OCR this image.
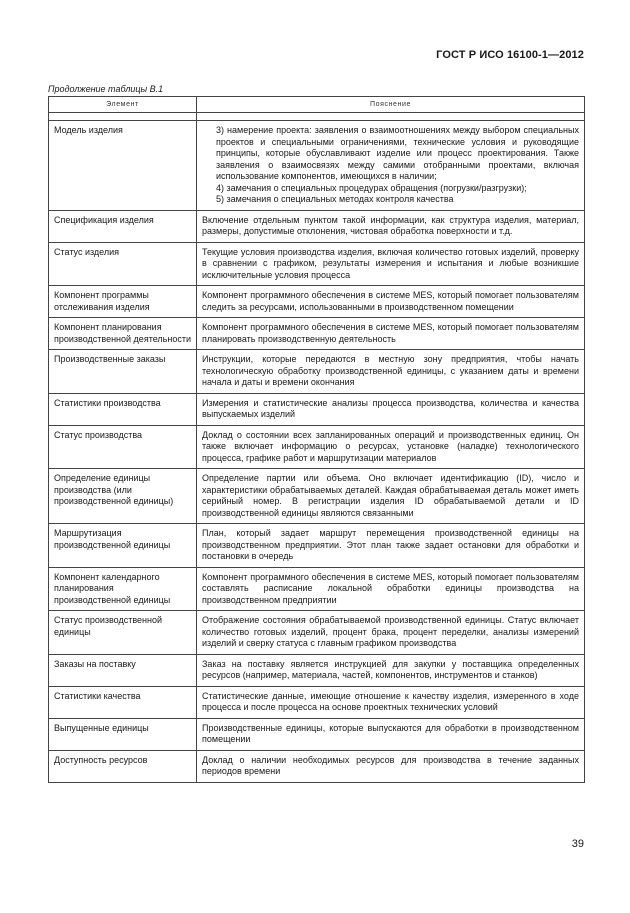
ГОСТ Р ИСО 16100-1—2012
Продолжение таблицы B.1
Элемент	Пояснение

Модель изделия	3) намерение проекта: заявления о взаимоотношениях между выбором специальных проектов и специальными ограничениями, технические условия и руководящие принципы, которые обуславливают изделие или процесс проектирования. Также заявления о взаимосвязях между самими отобранными проектами, включая использование компонентов, имеющихся в наличии;
4) замечания о специальных процедурах обращения (погрузки/разгрузки);
5) замечания о специальных методах контроля качества

Спецификация изделия	Включение отдельным пунктом такой информации, как структура изделия, материал, размеры, допустимые отклонения, чистовая обработка поверхности и т.д.
Статус изделия	Текущие условия производства изделия, включая количество готовых изделий, проверку в сравнении с графиком, результаты измерения и испытания и любые возникшие исключительные условия процесса
Компонент программы отслеживания изделия	Компонент программного обеспечения в системе MES, который помогает пользователям следить за ресурсами, использованными в производственном помещении
Компонент планирования производственной деятельности	Компонент программного обеспечения в системе MES, который помогает пользователям планировать производственную деятельность
Производственные заказы	Инструкции, которые передаются в местную зону предприятия, чтобы начать технологическую обработку производственной единицы, с указанием даты и времени начала и даты и времени окончания
Статистики производства	Измерения и статистические анализы процесса производства, количества и качества выпускаемых изделий
Статус производства	Доклад о состоянии всех запланированных операций и производственных единиц. Он также включает информацию о ресурсах, установке (наладке) технологического процесса, графике работ и маршрутизации материалов
Определение единицы производства (или производственной единицы)	Определение партии или объема. Оно включает идентификацию (ID), число и характеристики обрабатываемых деталей. Каждая обрабатываемая деталь может иметь серийный номер. В регистрации изделия ID обрабатываемой детали и ID производственной единицы являются связанными
Маршрутизация производственной единицы	План, который задает маршрут перемещения производственной единицы на производственном предприятии. Этот план также задает остановки для обработки и постановки в очередь
Компонент календарного планирования производственной единицы	Компонент программного обеспечения в системе MES, который помогает пользователям составлять расписание локальной обработки единицы производства на производственном предприятии
Статус производственной единицы	Отображение состояния обрабатываемой производственной единицы. Статус включает количество готовых изделий, процент брака, процент переделки, анализы измерений изделий и сверку статуса с главным графиком производства
Заказы на поставку	Заказ на поставку является инструкцией для закупки у поставщика определенных ресурсов (например, материала, частей, компонентов, инструментов и станков)
Статистики качества	Статистические данные, имеющие отношение к качеству изделия, измеренного в ходе процесса и после процесса на основе проектных технических условий
Выпущенные единицы	Производственные единицы, которые выпускаются для обработки в производственном помещении
Доступность ресурсов	Доклад о наличии необходимых ресурсов для производства в течение заданных периодов времени
39
